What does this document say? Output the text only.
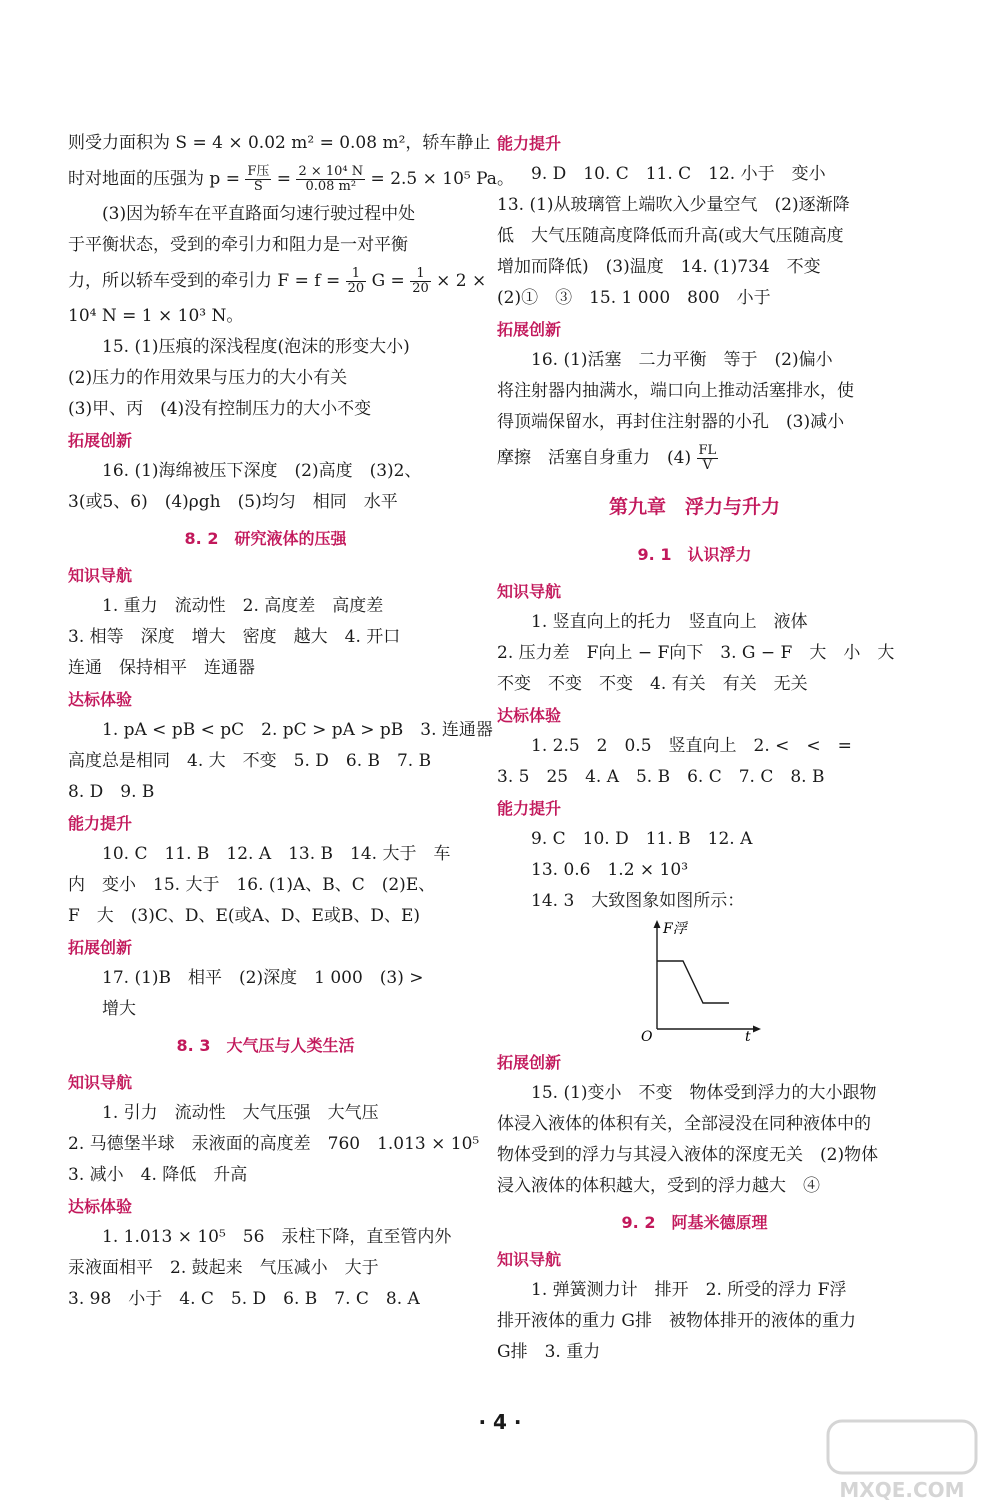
则受力面积为 S = 4 × 0.02 m² = 0.08 m²，轿车静止
时对地面的压强为 $p = \frac{\text{F压}}{S} = \frac{\text{2 × 10⁴ N}}{\text{0.08 m²}} = 2.5 \times 10^5$ Pa。
(3)因为轿车在平直路面匀速行驶过程中处
于平衡状态，受到的牵引力和阻力是一对平衡
力，所以轿车受到的牵引力 $F = f = \frac{1}{20}$ $G = \frac{1}{20} \times 2$ ×
10⁴ N = 1 × 10³ N。
15. (1)压痕的深浅程度(泡沫的形变大小)
(2)压力的作用效果与压力的大小有关
(3)甲、丙　(4)没有控制压力的大小不变
拓展创新
16. (1)海绵被压下深度　(2)高度　(3)2、
3(或5、6)　(4)ρgh　(5)均匀　相同　水平
8. 2　研究液体的压强
知识导航
1. 重力　流动性　2. 高度差　高度差
3. 相等　深度　增大　密度　越大　4. 开口
连通　保持相平　连通器
达标体验
1. pA < pB < pC　2. pC > pA > pB　3. 连通器
高度总是相同　4. 大　不变　5. D　6. B　7. B
8. D　9. B
能力提升
10. C　11. B　12. A　13. B　14. 大于　车
内　变小　15. 大于　16. (1)A、B、C　(2)E、
F　大　(3)C、D、E(或A、D、E或B、D、E)
拓展创新
17. (1)B　相平　(2)深度　1 000　(3) >
增大
8. 3　大气压与人类生活
知识导航
1. 引力　流动性　大气压强　大气压
2. 马德堡半球　汞液面的高度差　760　1.013 × 10⁵
3. 减小　4. 降低　升高
达标体验
1. 1.013 × 10⁵　56　汞柱下降，直至管内外
汞液面相平　2. 鼓起来　气压减小　大于
3. 98　小于　4. C　5. D　6. B　7. C　8. A
能力提升
9. D　10. C　11. C　12. 小于　变小
13. (1)从玻璃管上端吹入少量空气　(2)逐渐降
低　大气压随高度降低而升高(或大气压随高度
增加而降低)　(3)温度　14. (1)734　不变
(2)①　③　15. 1 000　800　小于
拓展创新
16. (1)活塞　二力平衡　等于　(2)偏小
将注射器内抽满水，端口向上推动活塞排水，使
得顶端保留水，再封住注射器的小孔　(3)减小
摩擦　活塞自身重力　$(4) \frac{FL}{V}$
第九章　浮力与升力
9. 1　认识浮力
知识导航
1. 竖直向上的托力　竖直向上　液体
2. 压力差　F向上 − F向下　3. G − F　大　小　大
不变　不变　不变　4. 有关　有关　无关
达标体验
1. 2.5　2　0.5　竖直向上　2. <　<　=
3. 5　25　4. A　5. B　6. C　7. C　8. B
能力提升
9. C　10. D　11. B　12. A
13. 0.6　1.2 × 10³
14. 3　大致图象如图所示：
F浮
O	t
拓展创新
15. (1)变小　不变　物体受到浮力的大小跟物
体浸入液体的体积有关，全部浸没在同种液体中的
物体受到的浮力与其浸入液体的深度无关　(2)物体
浸入液体的体积越大，受到的浮力越大　④
9. 2　阿基米德原理
知识导航
1. 弹簧测力计　排开　2. 所受的浮力 F浮
排开液体的重力 G排　被物体排开的液体的重力
G排　3. 重力
· 4 ·
MXQE.COM
